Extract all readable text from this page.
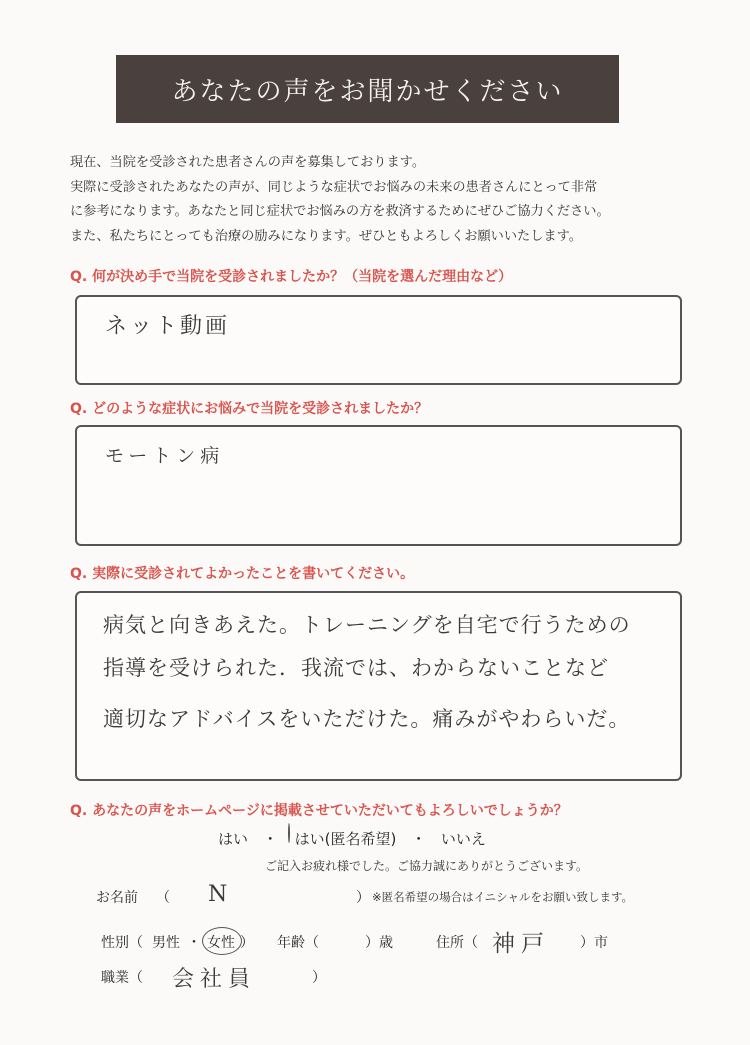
あなたの声をお聞かせください
現在、当院を受診された患者さんの声を募集しております。
実際に受診されたあなたの声が、同じような症状でお悩みの未来の患者さんにとって非常
に参考になります。あなたと同じ症状でお悩みの方を救済するためにぜひご協力ください。
また、私たちにとっても治療の励みになります。ぜひともよろしくお願いいたします。
Q. 何が決め手で当院を受診されましたか？（当院を選んだ理由など）
ネット動画
Q. どのような症状にお悩みで当院を受診されましたか？
モートン病
Q. 実際に受診されてよかったことを書いてください。
病気と向きあえた。トレーニングを自宅で行うための
指導を受けられた．我流では、わからないことなど
適切なアドバイスをいただけた。痛みがやわらいだ。
Q. あなたの声をホームページに掲載させていただいてもよろしいでしょうか？
はい ・ はい(匿名希望) ・ いいえ
ご記入お疲れ様でした。ご協力誠にありがとうございます。
お名前 （ N	） ※匿名希望の場合はイニシャルをお願い致します。
性別（ 男性 ・ 女性 ） 年齢（	）歳	住所（ 神戸 ）市
職業（ 会社員	）
